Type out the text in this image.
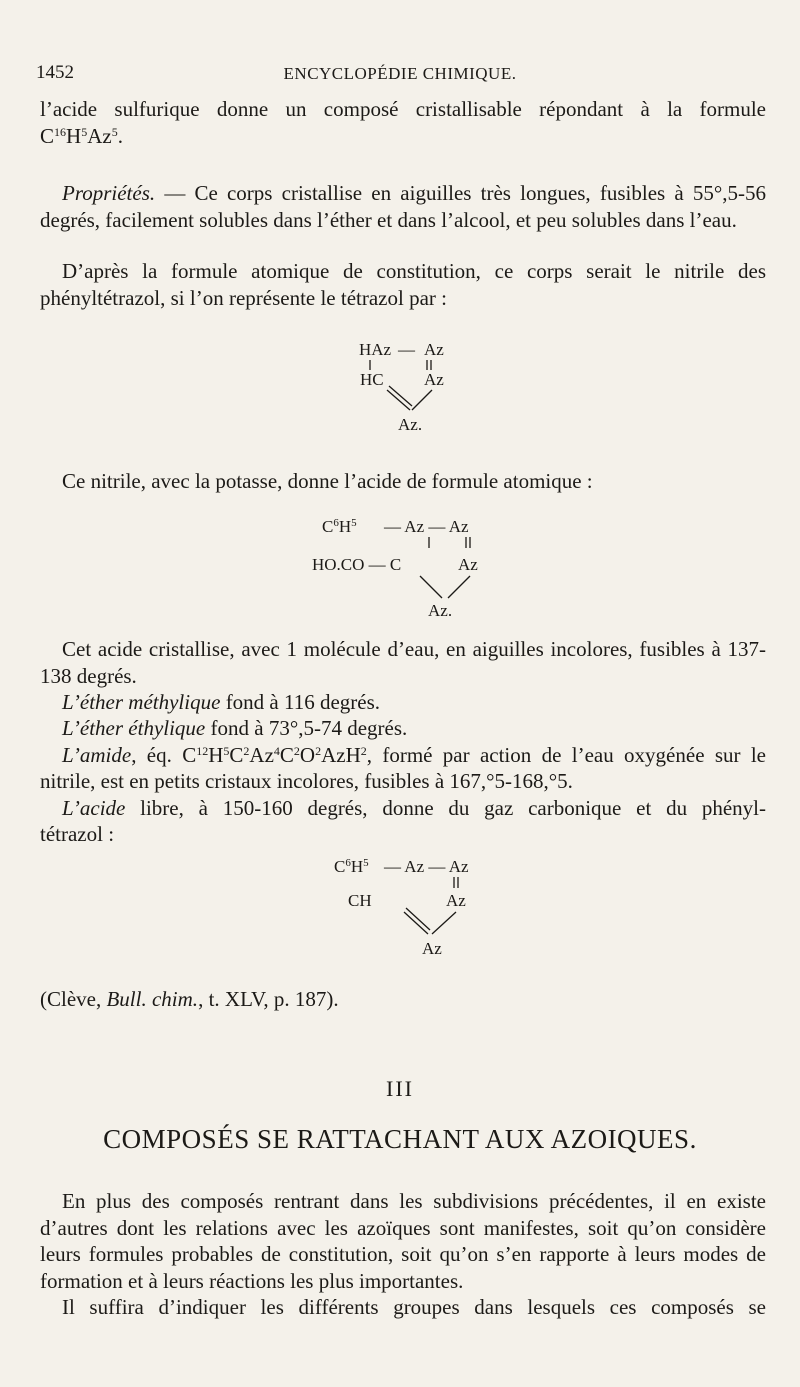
1452	ENCYCLOPÉDIE CHIMIQUE.
l’acide sulfurique donne un composé cristallisable répondant à la formule
$C^{16}H^5Az^5$.

Propriétés. — Ce corps cristallise en aiguilles très longues, fusibles à 55°,5-56 degrés, facilement solubles dans l’éther et dans l’alcool, et peu solubles dans l’eau.

D’après la formule atomique de constitution, ce corps serait le nitrile des phényltétrazol, si l’on représente le tétrazol par :

HAz — Az
HC Az
Az.

Ce nitrile, avec la potasse, donne l’acide de formule atomique :

$C^6H^5$ — Az — Az
HO.CO — C	Az
Az.

Cet acide cristallise, avec 1 molécule d’eau, en aiguilles incolores, fusibles à 137-138 degrés.

L’éther méthylique fond à 116 degrés.
L’éther éthylique fond à 73°,5-74 degrés.
L’amide, éq. $C^{12}H^5C^2Az^4C^2O^2AzH^2$, formé par action de l’eau oxygénée sur le
nitrile, est en petits cristaux incolores, fusibles à 167,°5-168,°5.
L’acide libre, à 150-160 degrés, donne du gaz carbonique et du phényl-
tétrazol :
$C^6H^5$ — Az — Az
CH	Az
Az
(Clève, Bull. chim., t. XLV, p. 187).
III
COMPOSÉS SE RATTACHANT AUX AZOIQUES.

En plus des composés rentrant dans les subdivisions précédentes, il en existe d’autres dont les relations avec les azoïques sont manifestes, soit qu’on considère leurs formules probables de constitution, soit qu’on s’en rapporte à leurs modes de formation et à leurs réactions les plus importantes.

Il suffira d’indiquer les différents groupes dans lesquels ces composés se
